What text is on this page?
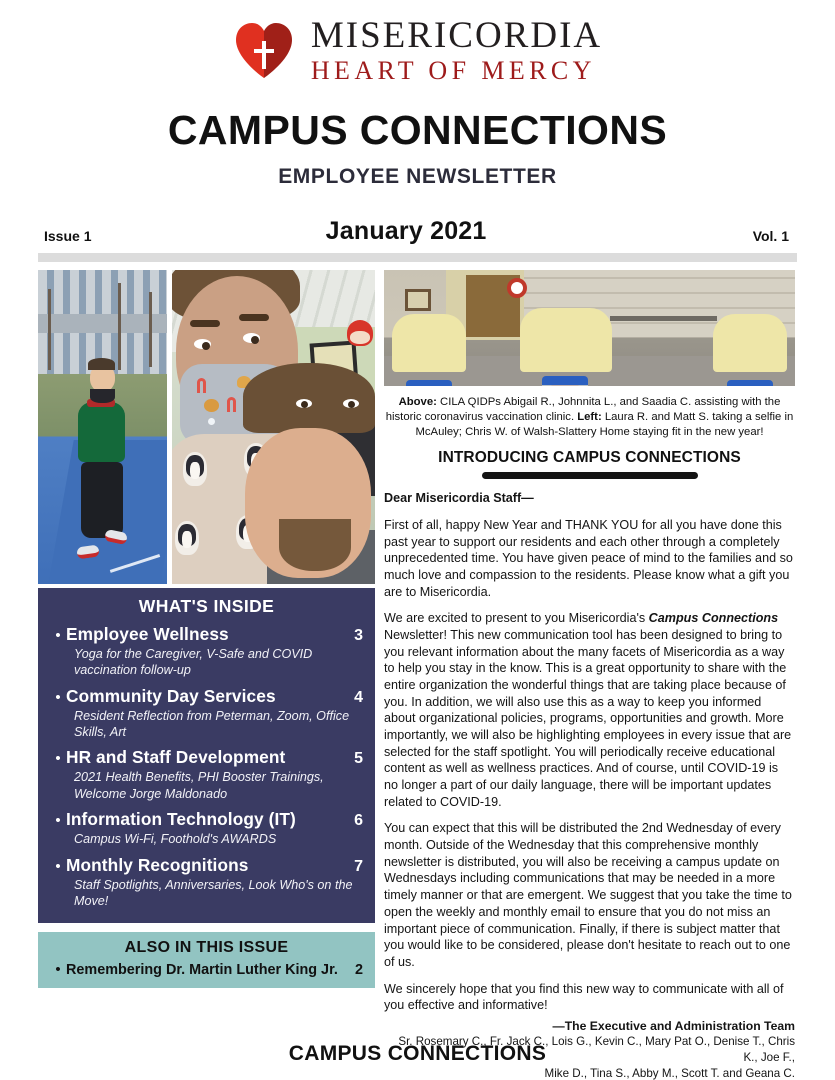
MISERICORDIA
HEART OF MERCY
CAMPUS CONNECTIONS
EMPLOYEE NEWSLETTER
Issue 1	January 2021	Vol. 1
WHAT'S INSIDE
• Employee Wellness	3
Yoga for the Caregiver, V-Safe and COVID vaccination follow-up
• Community Day Services	4
Resident Reflection from Peterman, Zoom, Office Skills, Art
• HR and Staff Development	5
2021 Health Benefits, PHI Booster Trainings, Welcome Jorge Maldonado
• Information Technology (IT)	6
Campus Wi-Fi, Foothold's AWARDS
• Monthly Recognitions	7
Staff Spotlights, Anniversaries, Look Who's on the Move!
ALSO IN THIS ISSUE
• Remembering Dr. Martin Luther King Jr.	2
Above: CILA QIDPs Abigail R., Johnnita L., and Saadia C. assisting with the historic coronavirus vaccination clinic. Left: Laura R. and Matt S. taking a selfie in McAuley; Chris W. of Walsh-Slattery Home staying fit in the new year!
INTRODUCING CAMPUS CONNECTIONS

Dear Misericordia Staff—

First of all, happy New Year and THANK YOU for all you have done this past year to support our residents and each other through a completely unprecedented time. You have given peace of mind to the families and so much love and compassion to the residents. Please know what a gift you are to Misericordia.

We are excited to present to you Misericordia's Campus Connections Newsletter! This new communication tool has been designed to bring to you relevant information about the many facets of Misericordia as a way to help you stay in the know. This is a great opportunity to share with the entire organization the wonderful things that are taking place because of you. In addition, we will also use this as a way to keep you informed about organizational policies, programs, opportunities and growth. More importantly, we will also be highlighting employees in every issue that are selected for the staff spotlight. You will periodically receive educational content as well as wellness practices. And of course, until COVID-19 is no longer a part of our daily language, there will be important updates related to COVID-19.

You can expect that this will be distributed the 2nd Wednesday of every month. Outside of the Wednesday that this comprehensive monthly newsletter is distributed, you will also be receiving a campus update on Wednesdays including communications that may be needed in a more timely manner or that are emergent. We suggest that you take the time to open the weekly and monthly email to ensure that you do not miss an important piece of communication. Finally, if there is subject matter that you would like to be considered, please don't hesitate to reach out to one of us.

We sincerely hope that you find this new way to communicate with all of you effective and informative!

—The Executive and Administration Team
Sr. Rosemary C., Fr. Jack C., Lois G., Kevin C., Mary Pat O., Denise T., Chris K., Joe F.,
Mike D., Tina S., Abby M., Scott T. and Geana C.
CAMPUS CONNECTIONS
